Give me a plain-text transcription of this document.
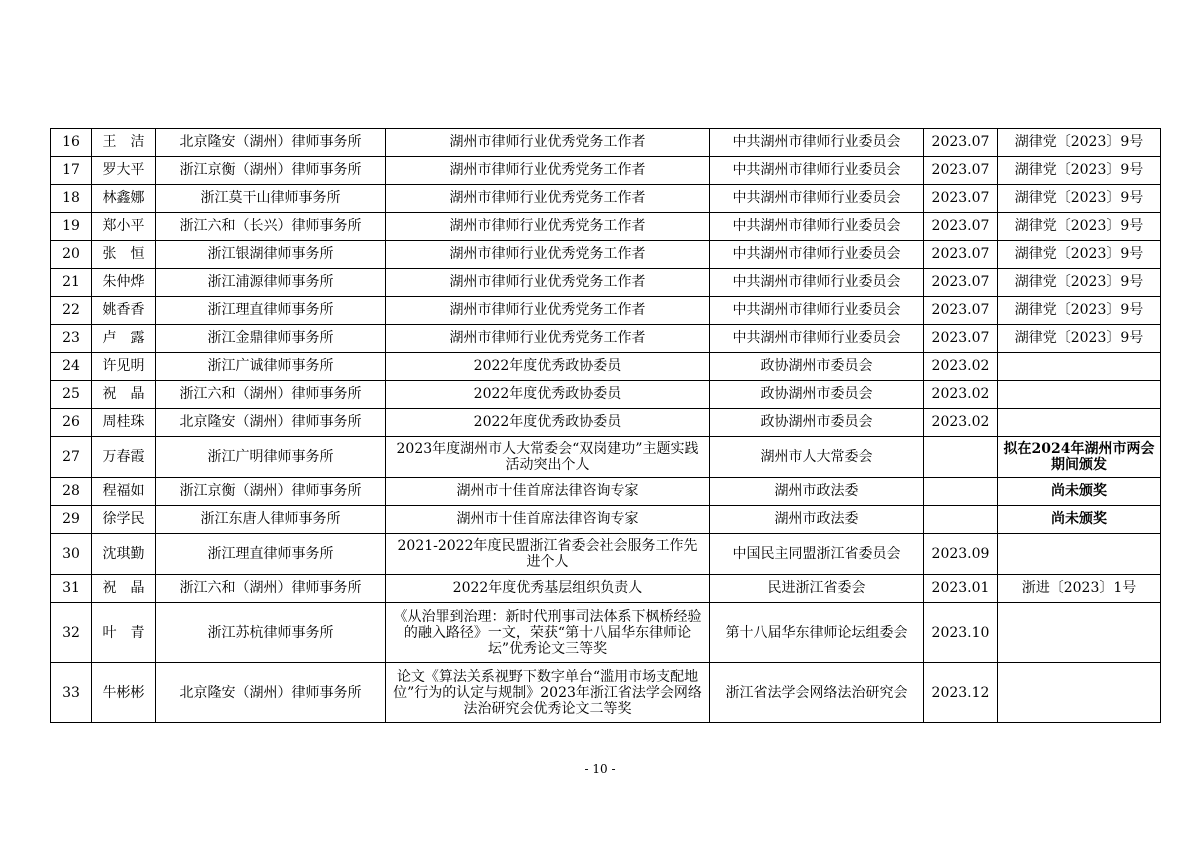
16	王　洁	北京隆安（湖州）律师事务所	湖州市律师行业优秀党务工作者	中共湖州市律师行业委员会	2023.07	湖律党〔2023〕9号
17	罗大平	浙江京衡（湖州）律师事务所	湖州市律师行业优秀党务工作者	中共湖州市律师行业委员会	2023.07	湖律党〔2023〕9号
18	林鑫娜	浙江莫干山律师事务所	湖州市律师行业优秀党务工作者	中共湖州市律师行业委员会	2023.07	湖律党〔2023〕9号
19	郑小平	浙江六和（长兴）律师事务所	湖州市律师行业优秀党务工作者	中共湖州市律师行业委员会	2023.07	湖律党〔2023〕9号
20	张　恒	浙江银湖律师事务所	湖州市律师行业优秀党务工作者	中共湖州市律师行业委员会	2023.07	湖律党〔2023〕9号
21	朱仲烨	浙江浦源律师事务所	湖州市律师行业优秀党务工作者	中共湖州市律师行业委员会	2023.07	湖律党〔2023〕9号
22	姚香香	浙江理直律师事务所	湖州市律师行业优秀党务工作者	中共湖州市律师行业委员会	2023.07	湖律党〔2023〕9号
23	卢　露	浙江金鼎律师事务所	湖州市律师行业优秀党务工作者	中共湖州市律师行业委员会	2023.07	湖律党〔2023〕9号
24	许见明	浙江广诚律师事务所	2022年度优秀政协委员	政协湖州市委员会	2023.02	
25	祝　晶	浙江六和（湖州）律师事务所	2022年度优秀政协委员	政协湖州市委员会	2023.02	
26	周桂珠	北京隆安（湖州）律师事务所	2022年度优秀政协委员	政协湖州市委员会	2023.02	
27	万春霞	浙江广明律师事务所	2023年度湖州市人大常委会“双岗建功”主题实践活动突出个人	湖州市人大常委会		拟在2024年湖州市两会期间颁发
28	程福如	浙江京衡（湖州）律师事务所	湖州市十佳首席法律咨询专家	湖州市政法委		尚未颁奖
29	徐学民	浙江东唐人律师事务所	湖州市十佳首席法律咨询专家	湖州市政法委		尚未颁奖
30	沈琪勤	浙江理直律师事务所	2021-2022年度民盟浙江省委会社会服务工作先进个人	中国民主同盟浙江省委员会	2023.09	
31	祝　晶	浙江六和（湖州）律师事务所	2022年度优秀基层组织负责人	民进浙江省委会	2023.01	浙进〔2023〕1号
32	叶　青	浙江苏杭律师事务所	《从治罪到治理：新时代刑事司法体系下枫桥经验的融入路径》一文，荣获“第十八届华东律师论坛”优秀论文三等奖	第十八届华东律师论坛组委会	2023.10	
33	牛彬彬	北京隆安（湖州）律师事务所	论文《算法关系视野下数字单台“滥用市场支配地位”行为的认定与规制》2023年浙江省法学会网络法治研究会优秀论文二等奖	浙江省法学会网络法治研究会	2023.12	
- 10 -
